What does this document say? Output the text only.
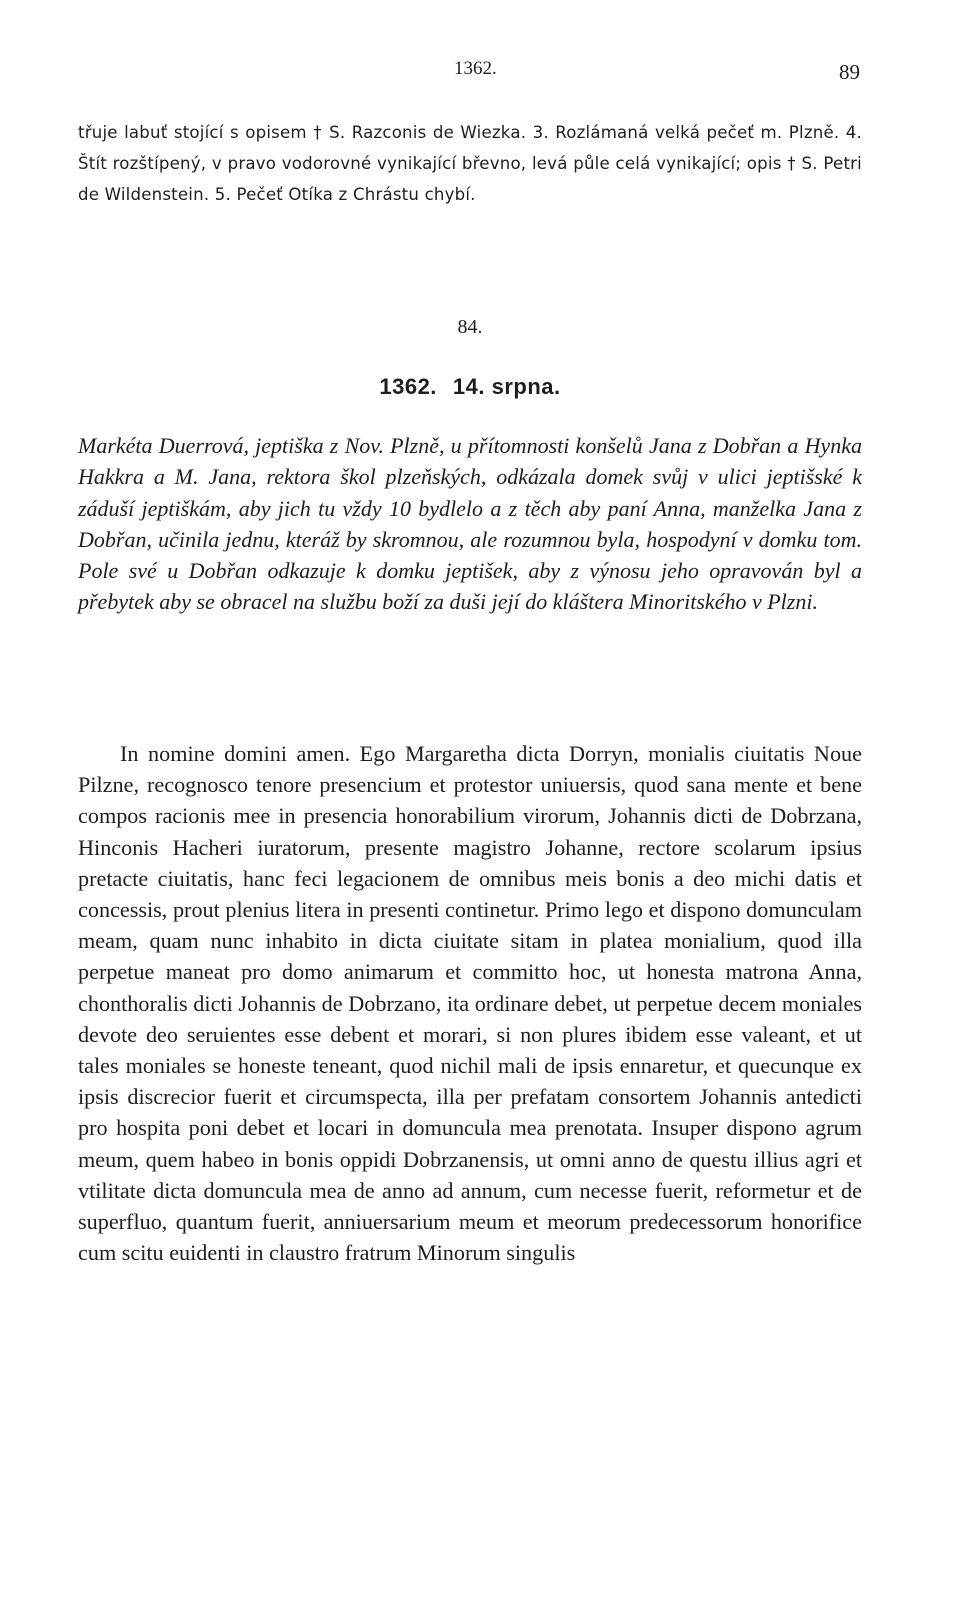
1362.	89

třuje labuť stojící s opisem † S. Razconis de Wiezka. 3. Rozlámaná velká pečeť m. Plzně. 4. Štít rozštípený, v pravo vodorovné vynikající břevno, levá půle celá vynikající; opis † S. Petri de Wildenstein. 5. Pečeť Otíka z Chrástu chybí.

84.
1362. 14. srpna.

Markéta Duerrová, jeptiška z Nov. Plzně, u přítomnosti konšelů Jana z Dobřan a Hynka Hakkra a M. Jana, rektora škol plzeňských, odkázala domek svůj v ulici jeptišské k záduší jeptiškám, aby jich tu vždy 10 bydlelo a z těch aby paní Anna, manželka Jana z Dobřan, učinila jednu, kteráž by skromnou, ale rozumnou byla, hospodyní v domku tom. Pole své u Dobřan odkazuje k domku jeptišek, aby z výnosu jeho opravován byl a přebytek aby se obracel na službu boží za duši její do kláštera Minoritského v Plzni.

In nomine domini amen. Ego Margaretha dicta Dorryn, monialis ciuitatis Noue Pilzne, recognosco tenore presencium et protestor uniuersis, quod sana mente et bene compos racionis mee in presencia honorabilium virorum, Johannis dicti de Dobrzana, Hinconis Hacheri iuratorum, presente magistro Johanne, rectore scolarum ipsius pretacte ciuitatis, hanc feci legacionem de omnibus meis bonis a deo michi datis et concessis, prout plenius litera in presenti continetur. Primo lego et dispono domunculam meam, quam nunc inhabito in dicta ciuitate sitam in platea monialium, quod illa perpetue maneat pro domo animarum et committo hoc, ut honesta matrona Anna, chonthoralis dicti Johannis de Dobrzano, ita ordinare debet, ut perpetue decem moniales devote deo seruientes esse debent et morari, si non plures ibidem esse valeant, et ut tales moniales se honeste teneant, quod nichil mali de ipsis ennaretur, et quecunque ex ipsis discrecior fuerit et circumspecta, illa per prefatam consortem Johannis antedicti pro hospita poni debet et locari in domuncula mea prenotata. Insuper dispono agrum meum, quem habeo in bonis oppidi Dobrzanensis, ut omni anno de questu illius agri et vtilitate dicta domuncula mea de anno ad annum, cum necesse fuerit, reformetur et de superfluo, quantum fuerit, anniuersarium meum et meorum predecessorum honorifice cum scitu euidenti in claustro fratrum Minorum singulis
